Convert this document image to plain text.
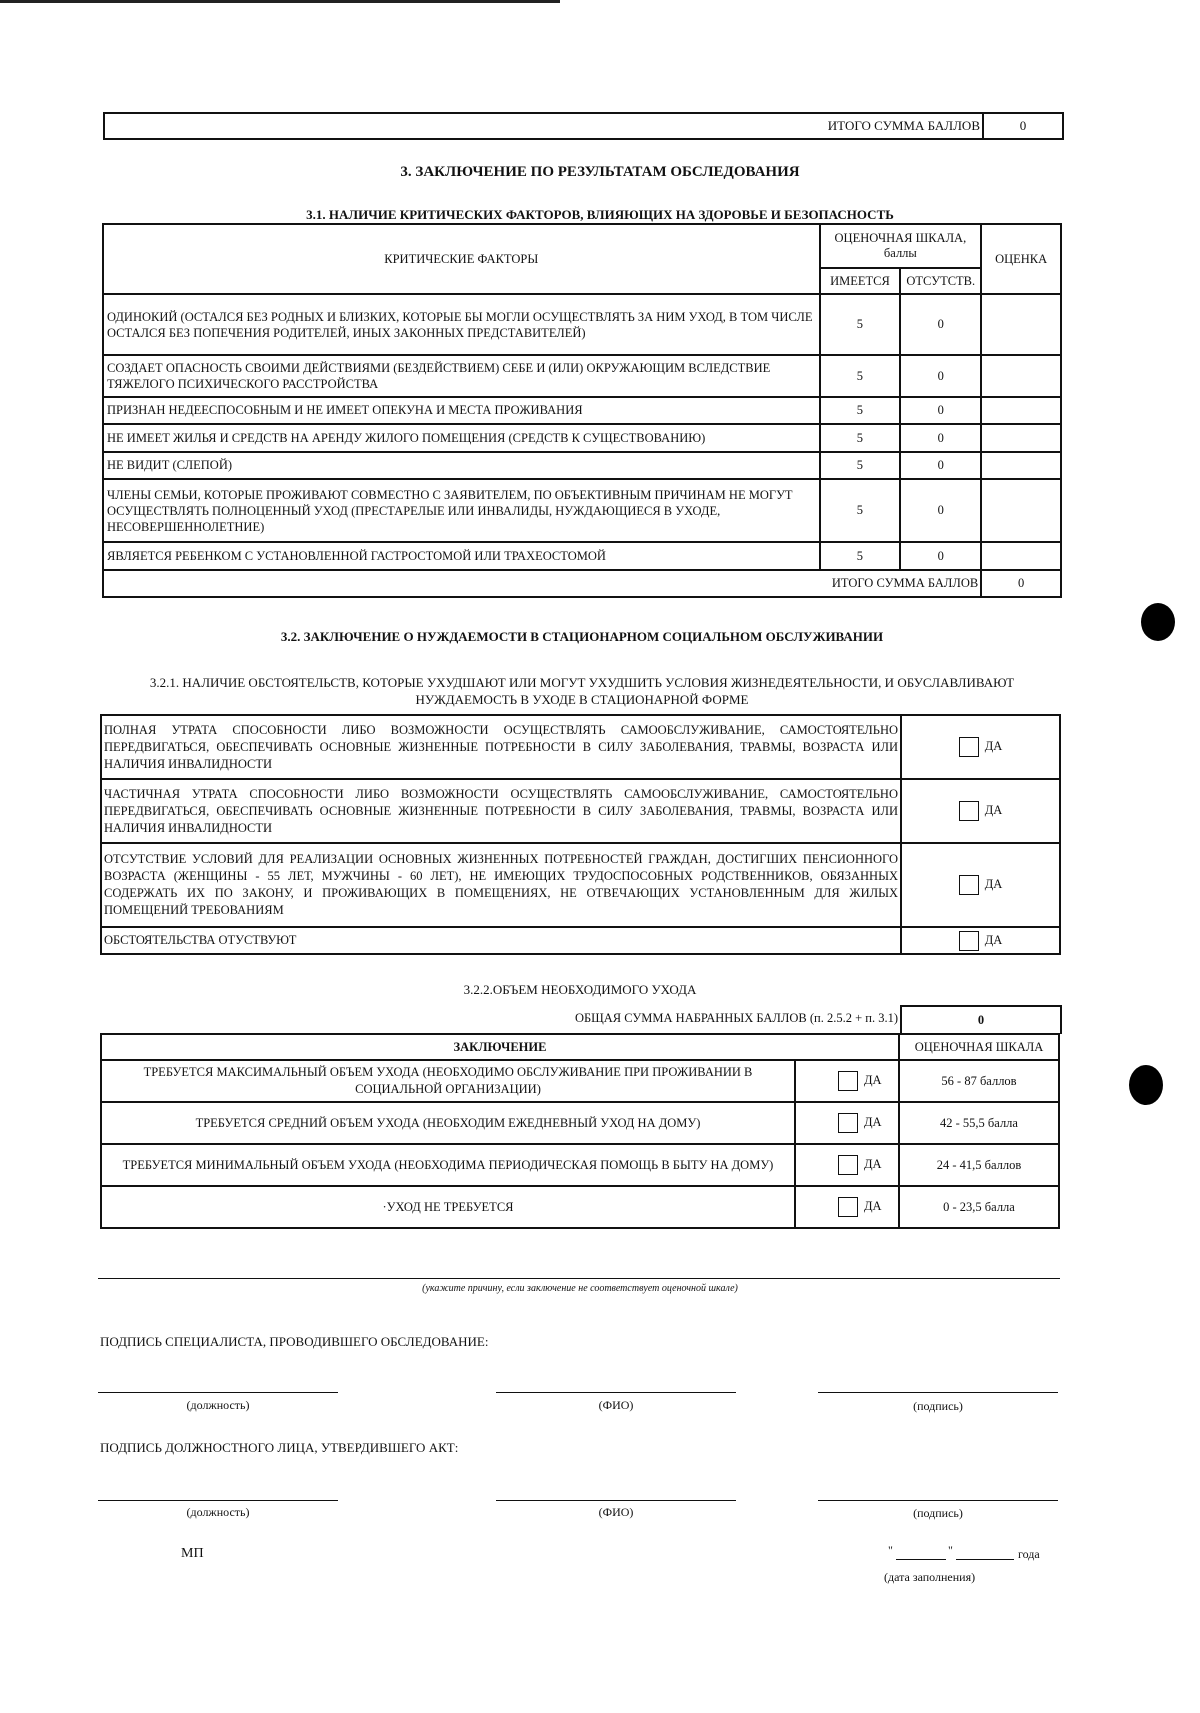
ИТОГО СУММА БАЛЛОВ	0
3. ЗАКЛЮЧЕНИЕ ПО РЕЗУЛЬТАТАМ ОБСЛЕДОВАНИЯ
3.1. НАЛИЧИЕ КРИТИЧЕСКИХ ФАКТОРОВ, ВЛИЯЮЩИХ НА ЗДОРОВЬЕ И БЕЗОПАСНОСТЬ
КРИТИЧЕСКИЕ ФАКТОРЫ	ОЦЕНОЧНАЯ ШКАЛА,
баллы		ОЦЕНКА
	ИМЕЕТСЯ	ОТСУТСТВ.	
ОДИНОКИЙ (ОСТАЛСЯ БЕЗ РОДНЫХ И БЛИЗКИХ, КОТОРЫЕ БЫ МОГЛИ ОСУЩЕСТВЛЯТЬ ЗА НИМ УХОД, В ТОМ ЧИСЛЕ ОСТАЛСЯ БЕЗ ПОПЕЧЕНИЯ РОДИТЕЛЕЙ, ИНЫХ ЗАКОННЫХ ПРЕДСТАВИТЕЛЕЙ)	5	0	
СОЗДАЕТ ОПАСНОСТЬ СВОИМИ ДЕЙСТВИЯМИ (БЕЗДЕЙСТВИЕМ) СЕБЕ И (ИЛИ) ОКРУЖАЮЩИМ ВСЛЕДСТВИЕ ТЯЖЕЛОГО ПСИХИЧЕСКОГО РАССТРОЙСТВА	5	0	
ПРИЗНАН НЕДЕЕСПОСОБНЫМ И НЕ ИМЕЕТ ОПЕКУНА И МЕСТА ПРОЖИВАНИЯ	5	0	
НЕ ИМЕЕТ ЖИЛЬЯ И СРЕДСТВ НА АРЕНДУ ЖИЛОГО ПОМЕЩЕНИЯ (СРЕДСТВ К СУЩЕСТВОВАНИЮ)	5	0	
НЕ ВИДИТ (СЛЕПОЙ)	5	0	
ЧЛЕНЫ СЕМЬИ, КОТОРЫЕ ПРОЖИВАЮТ СОВМЕСТНО С ЗАЯВИТЕЛЕМ, ПО ОБЪЕКТИВНЫМ ПРИЧИНАМ НЕ МОГУТ ОСУЩЕСТВЛЯТЬ ПОЛНОЦЕННЫЙ УХОД (ПРЕСТАРЕЛЫЕ ИЛИ ИНВАЛИДЫ, НУЖДАЮЩИЕСЯ В УХОДЕ, НЕСОВЕРШЕННОЛЕТНИЕ)	5	0	
ЯВЛЯЕТСЯ РЕБЕНКОМ С УСТАНОВЛЕННОЙ ГАСТРОСТОМОЙ ИЛИ ТРАХЕОСТОМОЙ	5	0	
ИТОГО СУММА БАЛЛОВ			0
3.2. ЗАКЛЮЧЕНИЕ О НУЖДАЕМОСТИ В СТАЦИОНАРНОМ СОЦИАЛЬНОМ ОБСЛУЖИВАНИИ
3.2.1. НАЛИЧИЕ ОБСТОЯТЕЛЬСТВ, КОТОРЫЕ УХУДШАЮТ ИЛИ МОГУТ УХУДШИТЬ УСЛОВИЯ ЖИЗНЕДЕЯТЕЛЬНОСТИ, И ОБУСЛАВЛИВАЮТ
НУЖДАЕМОСТЬ В УХОДЕ В СТАЦИОНАРНОЙ ФОРМЕ
ПОЛНАЯ УТРАТА СПОСОБНОСТИ ЛИБО ВОЗМОЖНОСТИ ОСУЩЕСТВЛЯТЬ САМООБСЛУЖИВАНИЕ, САМОСТОЯТЕЛЬНО ПЕРЕДВИГАТЬСЯ, ОБЕСПЕЧИВАТЬ ОСНОВНЫЕ ЖИЗНЕННЫЕ ПОТРЕБНОСТИ В СИЛУ ЗАБОЛЕВАНИЯ, ТРАВМЫ, ВОЗРАСТА ИЛИ НАЛИЧИЯ ИНВАЛИДНОСТИ	ДА
ЧАСТИЧНАЯ УТРАТА СПОСОБНОСТИ ЛИБО ВОЗМОЖНОСТИ ОСУЩЕСТВЛЯТЬ САМООБСЛУЖИВАНИЕ, САМОСТОЯТЕЛЬНО ПЕРЕДВИГАТЬСЯ, ОБЕСПЕЧИВАТЬ ОСНОВНЫЕ ЖИЗНЕННЫЕ ПОТРЕБНОСТИ В СИЛУ ЗАБОЛЕВАНИЯ, ТРАВМЫ, ВОЗРАСТА ИЛИ НАЛИЧИЯ ИНВАЛИДНОСТИ	ДА
ОТСУТСТВИЕ УСЛОВИЙ ДЛЯ РЕАЛИЗАЦИИ ОСНОВНЫХ ЖИЗНЕННЫХ ПОТРЕБНОСТЕЙ ГРАЖДАН, ДОСТИГШИХ ПЕНСИОННОГО ВОЗРАСТА (ЖЕНЩИНЫ - 55 ЛЕТ, МУЖЧИНЫ - 60 ЛЕТ), НЕ ИМЕЮЩИХ ТРУДОСПОСОБНЫХ РОДСТВЕННИКОВ, ОБЯЗАННЫХ СОДЕРЖАТЬ ИХ ПО ЗАКОНУ, И ПРОЖИВАЮЩИХ В ПОМЕЩЕНИЯХ, НЕ ОТВЕЧАЮЩИХ УСТАНОВЛЕННЫМ ДЛЯ ЖИЛЫХ ПОМЕЩЕНИЙ ТРЕБОВАНИЯМ	ДА
ОБСТОЯТЕЛЬСТВА ОТУСТВУЮТ	ДА
3.2.2.ОБЪЕМ НЕОБХОДИМОГО УХОДА
ОБЩАЯ СУММА НАБРАННЫХ БАЛЛОВ (п. 2.5.2 + п. 3.1)	0
ЗАКЛЮЧЕНИЕ		ОЦЕНОЧНАЯ ШКАЛА
ТРЕБУЕТСЯ МАКСИМАЛЬНЫЙ ОБЪЕМ УХОДА (НЕОБХОДИМО ОБСЛУЖИВАНИЕ ПРИ ПРОЖИВАНИИ В СОЦИАЛЬНОЙ ОРГАНИЗАЦИИ)	ДА	56 - 87 баллов
ТРЕБУЕТСЯ СРЕДНИЙ ОБЪЕМ УХОДА (НЕОБХОДИМ ЕЖЕДНЕВНЫЙ УХОД НА ДОМУ)	ДА	42 - 55,5 балла
ТРЕБУЕТСЯ МИНИМАЛЬНЫЙ ОБЪЕМ УХОДА (НЕОБХОДИМА ПЕРИОДИЧЕСКАЯ ПОМОЩЬ В БЫТУ НА ДОМУ)	ДА	24 - 41,5 баллов
·УХОД НЕ ТРЕБУЕТСЯ	ДА	0 - 23,5 балла
(укажите причину, если заключение не соответствует оценочной шкале)
ПОДПИСЬ СПЕЦИАЛИСТА, ПРОВОДИВШЕГО ОБСЛЕДОВАНИЕ:
(должность)	(ФИО)	(подпись)
ПОДПИСЬ ДОЛЖНОСТНОГО ЛИЦА, УТВЕРДИВШЕГО АКТ:
(должность)	(ФИО)	(подпись)
МП	"	"	года
(дата заполнения)
